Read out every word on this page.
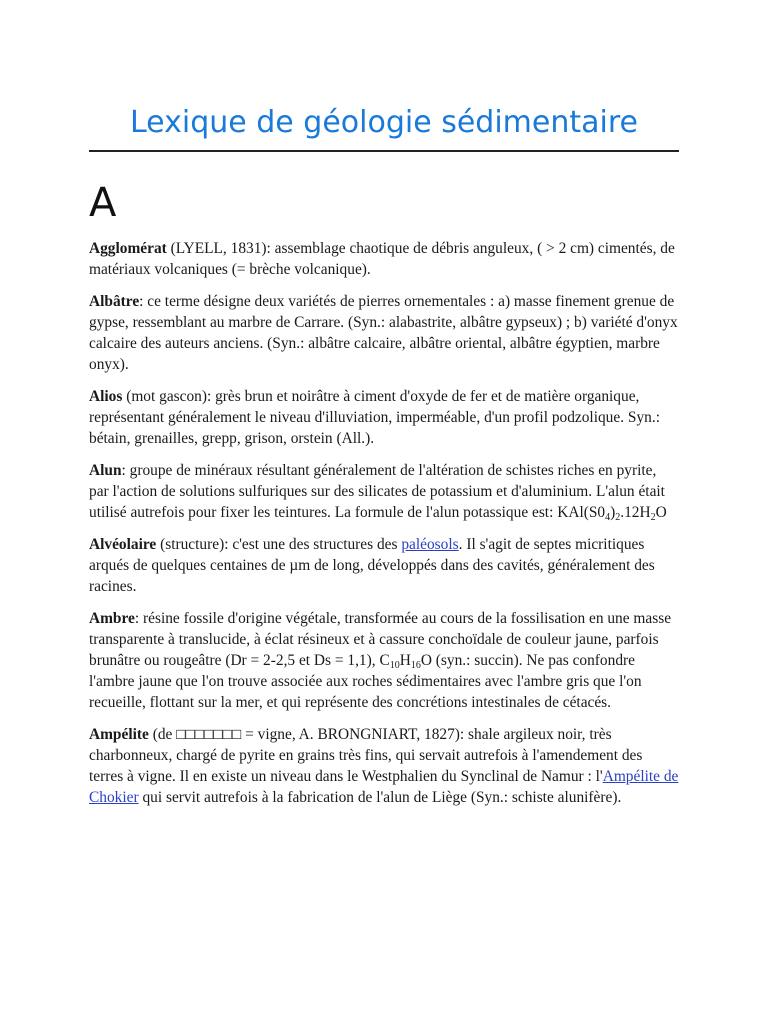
Lexique de géologie sédimentaire
A

Agglomérat (LYELL, 1831): assemblage chaotique de débris anguleux, ( > 2 cm) cimentés, de matériaux volcaniques (= brèche volcanique).

Albâtre: ce terme désigne deux variétés de pierres ornementales : a) masse finement grenue de gypse, ressemblant au marbre de Carrare. (Syn.: alabastrite, albâtre gypseux) ; b) variété d'onyx calcaire des auteurs anciens. (Syn.: albâtre calcaire, albâtre oriental, albâtre égyptien, marbre onyx).

Alios (mot gascon): grès brun et noirâtre à ciment d'oxyde de fer et de matière organique, représentant généralement le niveau d'illuviation, imperméable, d'un profil podzolique. Syn.: bétain, grenailles, grepp, grison, orstein (All.).

Alun: groupe de minéraux résultant généralement de l'altération de schistes riches en pyrite, par l'action de solutions sulfuriques sur des silicates de potassium et d'aluminium. L'alun était utilisé autrefois pour fixer les teintures. La formule de l'alun potassique est: $KAl(S0_4)_2.12H_2O$

Alvéolaire (structure): c'est une des structures des paléosols. Il s'agit de septes micritiques arqués de quelques centaines de µm de long, développés dans des cavités, généralement des racines.

Ambre: résine fossile d'origine végétale, transformée au cours de la fossilisation en une masse transparente à translucide, à éclat résineux et à cassure conchoïdale de couleur jaune, parfois brunâtre ou rougeâtre (Dr = 2-2,5 et Ds = 1,1), $C_{10}H_{16}O$ (syn.: succin). Ne pas confondre l'ambre jaune que l'on trouve associée aux roches sédimentaires avec l'ambre gris que l'on recueille, flottant sur la mer, et qui représente des concrétions intestinales de cétacés.

Ampélite (de □□□□□□□ = vigne, A. BRONGNIART, 1827): shale argileux noir, très charbonneux, chargé de pyrite en grains très fins, qui servait autrefois à l'amendement des terres à vigne. Il en existe un niveau dans le Westphalien du Synclinal de Namur : l'Ampélite de Chokier qui servit autrefois à la fabrication de l'alun de Liège (Syn.: schiste alunifère).
